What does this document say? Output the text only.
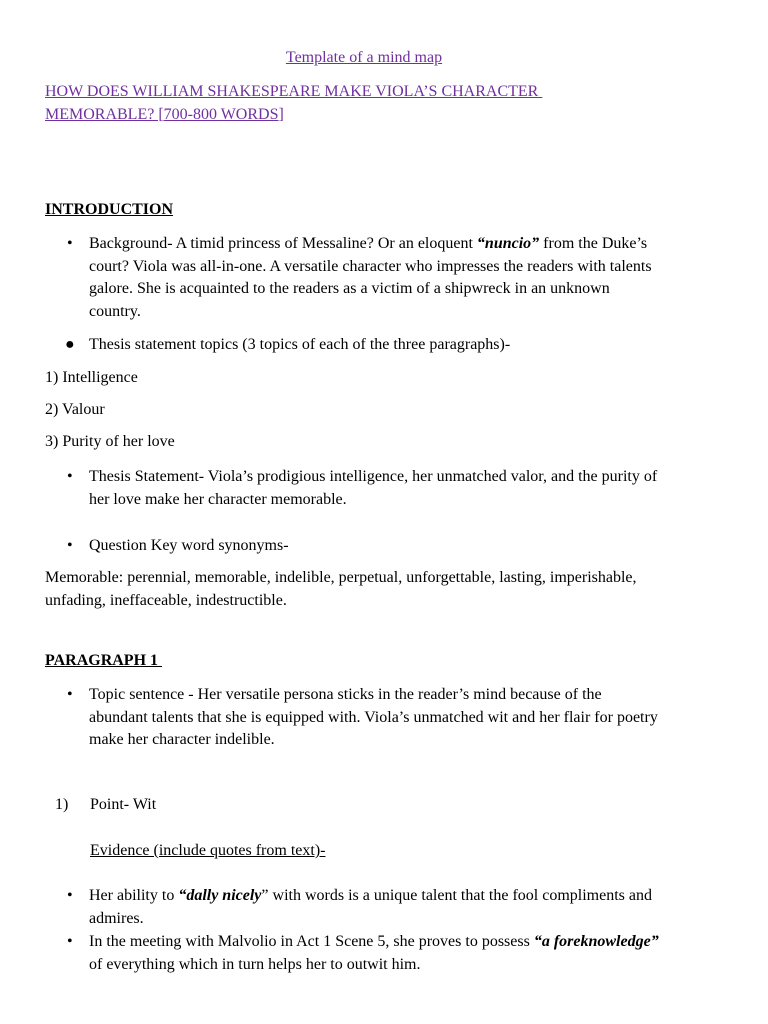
Template of a mind map
HOW DOES WILLIAM SHAKESPEARE MAKE VIOLA’S CHARACTER
MEMORABLE? [700-800 WORDS]
INTRODUCTION
•	Background- A timid princess of Messaline? Or an eloquent “nuncio” from the Duke’s
court? Viola was all-in-one. A versatile character who impresses the readers with talents
galore. She is acquainted to the readers as a victim of a shipwreck in an unknown
country.
● Thesis statement topics (3 topics of each of the three paragraphs)-
1) Intelligence
2) Valour
3) Purity of her love
•	Thesis Statement- Viola’s prodigious intelligence, her unmatched valor, and the purity of
her love make her character memorable.
•	Question Key word synonyms-
Memorable: perennial, memorable, indelible, perpetual, unforgettable, lasting, imperishable,
unfading, ineffaceable, indestructible.
PARAGRAPH 1
•	Topic sentence - Her versatile persona sticks in the reader’s mind because of the
abundant talents that she is equipped with. Viola’s unmatched wit and her flair for poetry
make her character indelible.
1) Point- Wit
Evidence (include quotes from text)-
•	Her ability to “dally nicely” with words is a unique talent that the fool compliments and
admires.
•	In the meeting with Malvolio in Act 1 Scene 5, she proves to possess “a foreknowledge”
of everything which in turn helps her to outwit him.
